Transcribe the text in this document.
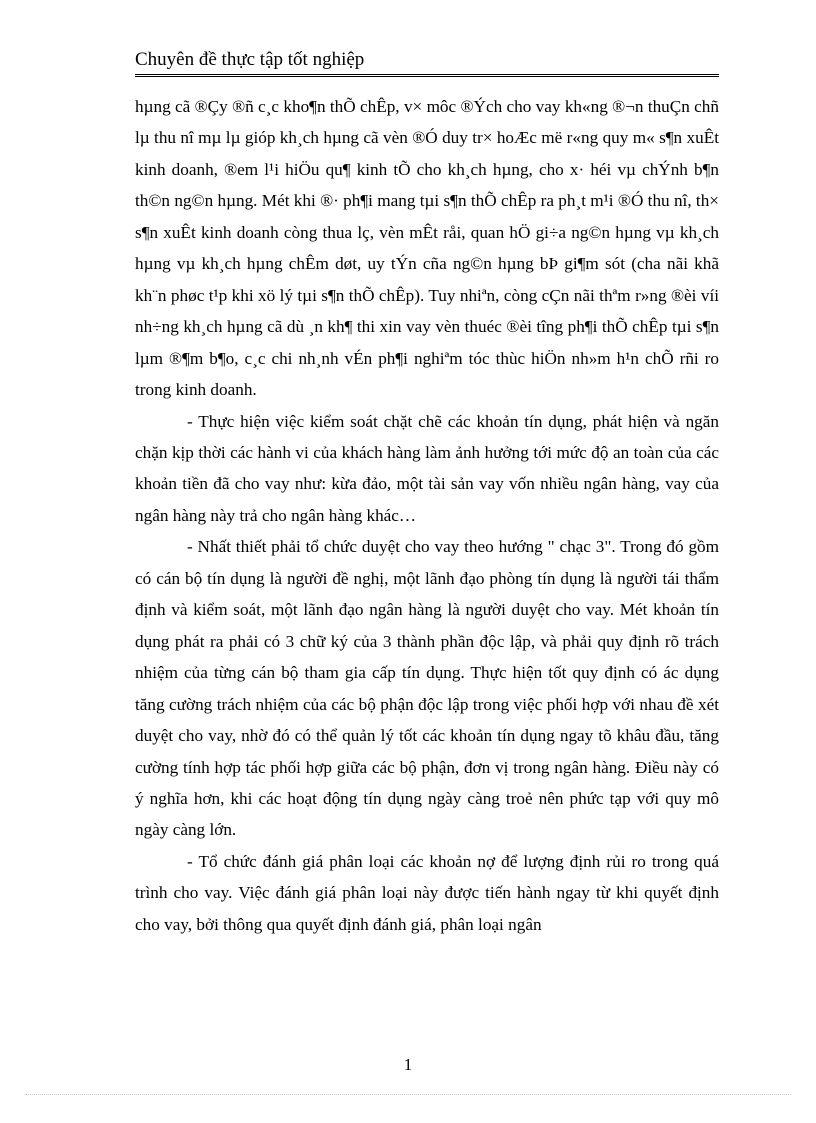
Chuyên đề thực tập tốt nghiệp

hµng cã ®Çy ®ñ c¸c kho¶n thÕ chÊp, v× môc ®Ých cho vay kh«ng ®¬n thuÇn chñ lµ thu nî mµ lµ gióp kh¸ch hµng cã vèn ®Ó duy tr× hoÆc më r«ng quy m« s¶n xuÊt kinh doanh, ®em l¹i hiÖu qu¶ kinh tÕ cho kh¸ch hµng, cho x· héi vµ chÝnh b¶n th©n ng©n hµng. Mét khi ®· ph¶i mang tµi s¶n thÕ chÊp ra ph¸t m¹i ®Ó thu nî, th× s¶n xuÊt kinh doanh còng thua lç, vèn mÊt råi, quan hÖ gi÷a ng©n hµng vµ kh¸ch hµng vµ kh¸ch hµng chÊm døt, uy tÝn cña ng©n hµng bÞ gi¶m sót (cha nãi khã kh¨n phøc t¹p khi xö lý tµi s¶n thÕ chÊp). Tuy nhiªn, còng cÇn nãi thªm r»ng ®èi víi nh÷ng kh¸ch hµng cã dù ¸n kh¶ thi xin vay vèn thuéc ®èi tîng ph¶i thÕ chÊp tµi s¶n lµm ®¶m b¶o, c¸c chi nh¸nh vÉn ph¶i nghiªm tóc thùc hiÖn nh»m h¹n chÕ rñi ro trong kinh doanh.

- Thực hiện việc kiểm soát chặt chẽ các khoản tín dụng, phát hiện và ngăn chặn kịp thời các hành vi của khách hàng làm ảnh hưởng tới mức độ an toàn của các khoản tiền đã cho vay như: kừa đảo, một tài sản vay vốn nhiều ngân hàng, vay của ngân hàng này trả cho ngân hàng khác…

- Nhất thiết phải tổ chức duyệt cho vay theo hướng " chạc 3". Trong đó gồm có cán bộ tín dụng là người đề nghị, một lãnh đạo phòng tín dụng là người tái thẩm định và kiểm soát, một lãnh đạo ngân hàng là người duyệt cho vay. Mét khoản tín dụng phát ra phải có 3 chữ ký của 3 thành phần độc lập, và phải quy định rõ trách nhiệm của từng cán bộ tham gia cấp tín dụng. Thực hiện tốt quy định có ác dụng tăng cường trách nhiệm của các bộ phận độc lập trong việc phối hợp với nhau đề xét duyệt cho vay, nhờ đó có thể quản lý tốt các khoản tín dụng ngay tõ khâu đầu, tăng cường tính hợp tác phối hợp giữa các bộ phận, đơn vị trong ngân hàng. Điều này có ý nghĩa hơn, khi các hoạt động tín dụng ngày càng troẻ nên phức tạp với quy mô ngày càng lớn.

- Tổ chức đánh giá phân loại các khoản nợ để lượng định rủi ro trong quá trình cho vay. Việc đánh giá phân loại này được tiến hành ngay từ khi quyết định cho vay, bởi thông qua quyết định đánh giá, phân loại ngân

1
